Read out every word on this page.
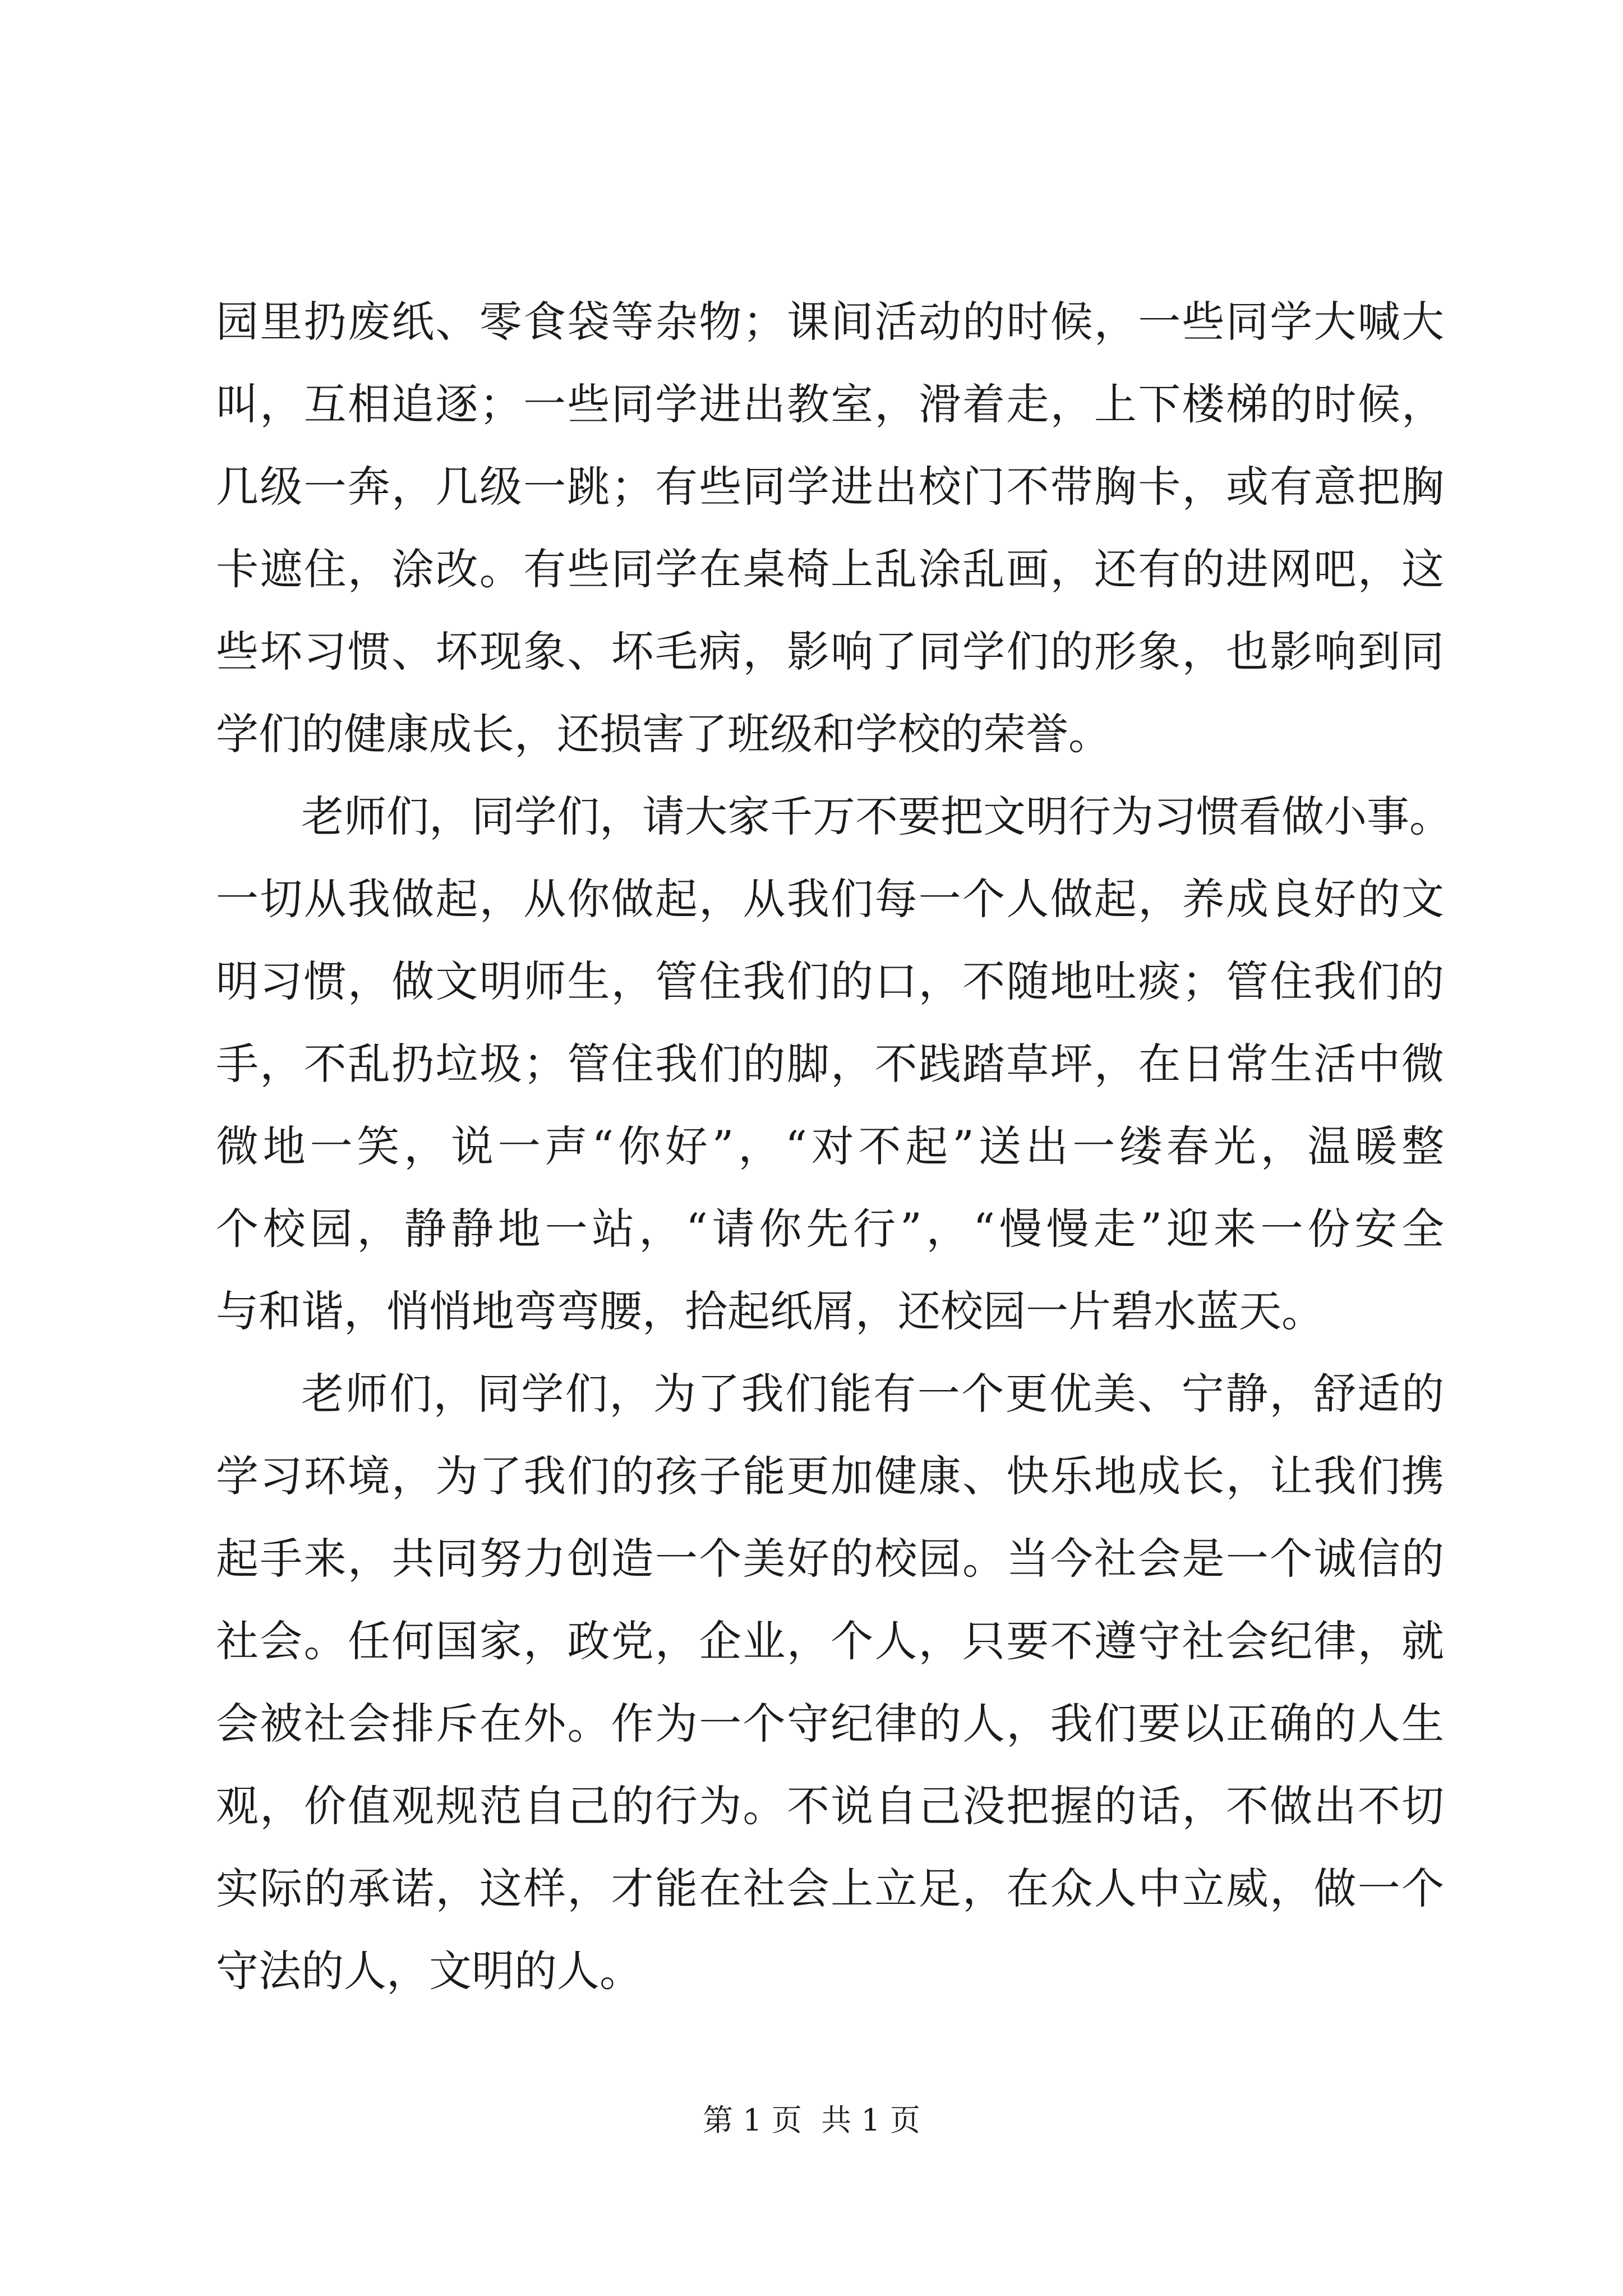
园里扔废纸、零食袋等杂物；课间活动的时候，一些同学大喊大
叫，互相追逐；一些同学进出教室，滑着走，上下楼梯的时候，
几级一奔，几级一跳；有些同学进出校门不带胸卡，或有意把胸
卡遮住，涂改。有些同学在桌椅上乱涂乱画，还有的进网吧，这
些坏习惯、坏现象、坏毛病，影响了同学们的形象，也影响到同
学们的健康成长，还损害了班级和学校的荣誉。
老师们，同学们，请大家千万不要把文明行为习惯看做小事。
一切从我做起，从你做起，从我们每一个人做起，养成良好的文
明习惯，做文明师生，管住我们的口，不随地吐痰；管住我们的
手，不乱扔垃圾；管住我们的脚，不践踏草坪，在日常生活中微
微地一笑，说一声“你好”，“对不起”送出一缕春光，温暖整
个校园，静静地一站，“请你先行”，“慢慢走”迎来一份安全
与和谐，悄悄地弯弯腰，拾起纸屑，还校园一片碧水蓝天。
老师们，同学们，为了我们能有一个更优美、宁静，舒适的
学习环境，为了我们的孩子能更加健康、快乐地成长，让我们携
起手来，共同努力创造一个美好的校园。当今社会是一个诚信的
社会。任何国家，政党，企业，个人，只要不遵守社会纪律，就
会被社会排斥在外。作为一个守纪律的人，我们要以正确的人生
观，价值观规范自己的行为。不说自己没把握的话，不做出不切
实际的承诺，这样，才能在社会上立足，在众人中立威，做一个
守法的人，文明的人。
第 1 页  共 1 页
